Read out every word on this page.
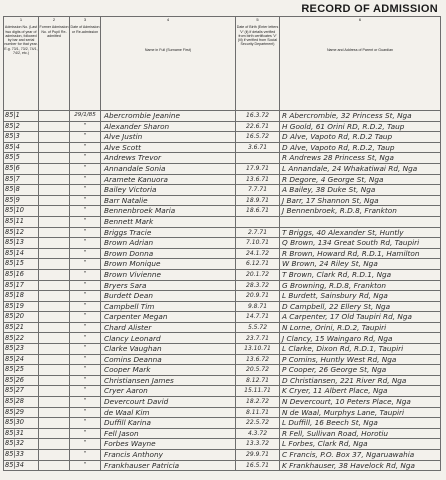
RECORD OF ADMISSION
1
Admission No. (Last two digits of year of admission, followed by bar and serial number for that year. E.g. 73/1, 73/2, 74/1, 74/2, etc.)	2
Former Admission No. of Pupil Re-admitted	3
Date of Admission or Re-admission	4
Name in Full (Surname First)	5
Date of Birth (Enter letters 'V' (ii) if details verified from birth certificates 'V' (iii) if verified from Social Security Department)	6
Name and Address of Parent or Guardian

85|1		29/1/85	Abercrombie Jeanine	16.3.72	R Abercrombie, 32 Princess St, Nga
85|2		"	Alexander Sharon	22.6.71	H Goold, 61 Orini RD, R.D.2, Taup
85|3		"	Alve Justin	16.5.72	D Alve, Vapoto Rd, R.D.2 Taup
85|4		"	Alve Scott	3.6.71	D Alve, Vapoto Rd, R.D.2, Taup
85|5		"	Andrews Trevor		R Andrews 28 Princess St, Nga
85|6		"	Annandale Sonia	17.9.71	L Annandale, 24 Whakatiwai Rd, Nga
85|7		"	Aramete Kanuora	13.6.71	R Degore, 4 George St, Nga
85|8		"	Bailey Victoria	7.7.71	A Bailey, 38 Duke St, Nga
85|9		"	Barr Natalie	18.9.71	J Barr, 17 Shannon St, Nga
85|10		"	Bennenbroek Maria	18.6.71	J Bennenbroek, R.D.8, Frankton
85|11		"	Bennett Mark		
85|12		"	Briggs Tracie	2.7.71	T Briggs, 40 Alexander St, Huntly
85|13		"	Brown Adrian	7.10.71	Q Brown, 134 Great South Rd, Taupiri
85|14		"	Brown Donna	24.1.72	R Brown, Howard Rd, R.D.1, Hamilton
85|15		"	Brown Monique	6.12.71	W Brown, 24 Riley St, Nga
85|16		"	Brown Vivienne	20.1.72	T Brown, Clark Rd, R.D.1, Nga
85|17		"	Bryers Sara	28.3.72	G Browning, R.D.8, Frankton
85|18		"	Burdett Dean	20.9.71	L Burdett, Sainsbury Rd, Nga
85|19		"	Campbell Tim	9.8.71	D Campbell, 22 Ellery St, Nga
85|20		"	Carpenter Megan	14.7.71	A Carpenter, 17 Old Taupiri Rd, Nga
85|21		"	Chard Alister	5.5.72	N Lorne, Orini, R.D.2, Taupiri
85|22		"	Clancy Leonard	23.7.71	J Clancy, 15 Waingaro Rd, Nga
85|23		"	Clarke Vaughan	13.10.71	L Clarke, Dixon Rd, R.D.1, Taupiri
85|24		"	Comins Deanna	13.6.72	P Comins, Huntly West Rd, Nga
85|25		"	Cooper Mark	20.5.72	P Cooper, 26 George St, Nga
85|26		"	Christiansen James	8.12.71	D Christiansen, 221 River Rd, Nga
85|27		"	Cryer Aaron	15.11.71	K Cryer, 11 Albert Place, Nga
85|28		"	Devercourt David	18.2.72	N Devercourt, 10 Peters Place, Nga
85|29		"	de Waal Kim	8.11.71	N de Waal, Murphys Lane, Taupiri
85|30		"	Duffill Karina	22.5.72	L Duffill, 16 Beech St, Nga
85|31		"	Fell Jason	4.3.72	R Fell, Sullivan Road, Horotiu
85|32		"	Forbes Wayne	13.3.72	L Forbes, Clark Rd, Nga
85|33		"	Francis Anthony	29.9.71	C Francis, P.O. Box 37, Ngaruawahia
85|34		"	Frankhauser Patricia	16.5.71	K Frankhauser, 38 Havelock Rd, Nga
